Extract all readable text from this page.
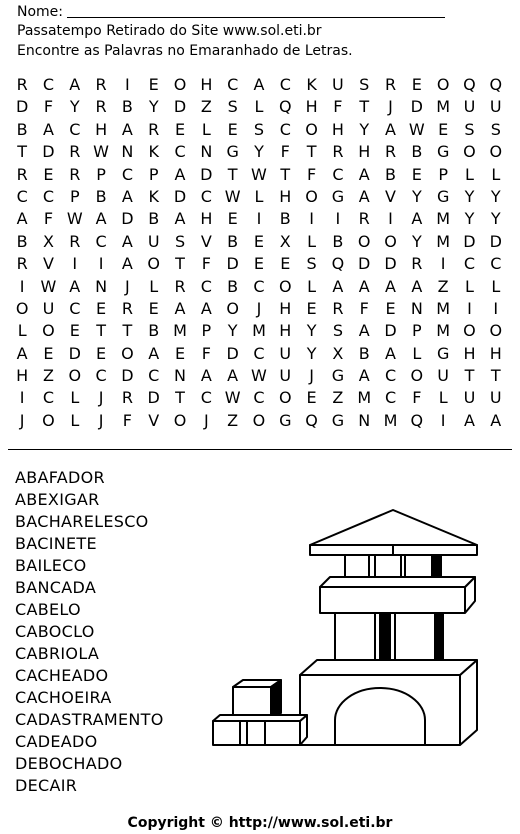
Nome:
Passatempo Retirado do Site www.sol.eti.br
Encontre as Palavras no Emaranhado de Letras.
R C A R	I	E O H C A C K U S R E O Q Q
D F	Y R B Y D Z S	L Q H F	T	J	D M U U
B A C H A R E	L	E	S C O H Y A W E	S	S
T D R W N K C N G Y	F	T R H R B G O O
R E R P C P	A D T W T	F	C A B E	P	L	L
C C P B A K D C W L H O G A V Y G Y	Y
A	F W A D B A H E	I	B	I	I	R	I	A M Y	Y
B X R C A U S V B E X	L	B O O Y M D D
R V	I	I	A O T	F D E	E	S Q D D R	I	C C
I	W A N	J	L	R C B C O L	A A A A Z	L	L
O U C E R E A A O	J	H E R	F	E N M	I	I
L O E	T	T B M P	Y M H Y	S A D P M O O
A E D E O A E	F D C U Y X B A	L G H H
H Z O C D C N A A W U	J	G A C O U T	T
I	C	L	J	R D T C W C O E Z M C	F	L	U U
J	O L	J	F	V O	J	Z O G Q G N M Q	I	A A
ABAFADOR
ABEXIGAR
BACHARELESCO
BACINETE
BAILECO
BANCADA
CABELO
CABOCLO
CABRIOLA
CACHEADO
CACHOEIRA
CADASTRAMENTO
CADEADO
DEBOCHADO
DECAIR
Copyright © http://www.sol.eti.br
